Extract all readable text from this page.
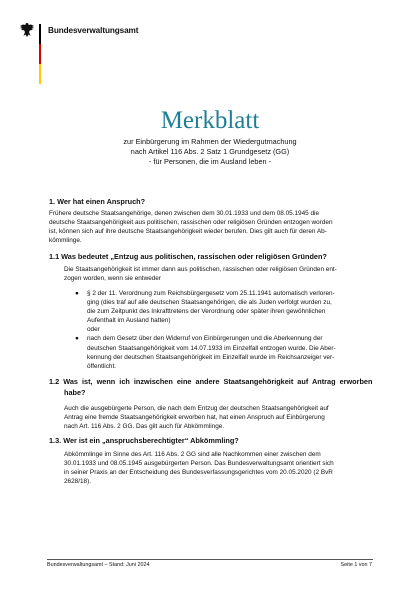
Bundesverwaltungsamt
Merkblatt
zur Einbürgerung im Rahmen der Wiedergutmachung
nach Artikel 116 Abs. 2 Satz 1 Grundgesetz (GG)
- für Personen, die im Ausland leben -
1. Wer hat einen Anspruch?
Frühere deutsche Staatsangehörige, denen zwischen dem 30.01.1933 und dem 08.05.1945 die
deutsche Staatsangehörigkeit aus politischen, rassischen oder religiösen Gründen entzogen worden
ist, können sich auf ihre deutsche Staatsangehörigkeit wieder berufen. Dies gilt auch für deren Ab-
kömmlinge.
1.1 Was bedeutet „Entzug aus politischen, rassischen oder religiösen Gründen?
Die Staatsangehörigkeit ist immer dann aus politischen, rassischen oder religiösen Gründen ent-
zogen worden, wenn sie entweder
● § 2 der 11. Verordnung zum Reichsbürgergesetz vom 25.11.1941 automatisch verloren-
ging (dies traf auf alle deutschen Staatsangehörigen, die als Juden verfolgt wurden zu,
die zum Zeitpunkt des Inkrafttretens der Verordnung oder später ihren gewöhnlichen
Aufenthalt im Ausland hatten)
oder
● nach dem Gesetz über den Widerruf von Einbürgerungen und die Aberkennung der
deutschen Staatsangehörigkeit vom 14.07.1933 im Einzelfall entzogen wurde. Die Aber-
kennung der deutschen Staatsangehörigkeit im Einzelfall wurde im Reichsanzeiger ver-
öffentlicht.
1.2  Was  ist,  wenn  ich  inzwischen  eine  andere  Staatsangehörigkeit  auf  Antrag  erworben
habe?
Auch die ausgebürgerte Person, die nach dem Entzug der deutschen Staatsangehörigkeit auf
Antrag eine fremde Staatsangehörigkeit erworben hat, hat einen Anspruch auf Einbürgerung
nach Art. 116 Abs. 2 GG. Das gilt auch für Abkömmlinge.
1.3. Wer ist ein „anspruchsberechtigter“ Abkömmling?
Abkömmlinge im Sinne des Art. 116 Abs. 2 GG sind alle Nachkommen einer zwischen dem
30.01.1933 und 08.05.1945 ausgebürgerten Person. Das Bundesverwaltungsamt orientiert sich
in seiner Praxis an der Entscheidung des Bundesverfassungsgerichtes vom 20.05.2020 (2 BvR
2628/18).
Bundesverwaltungsamt – Stand: Juni 2024	Seite 1 von 7
